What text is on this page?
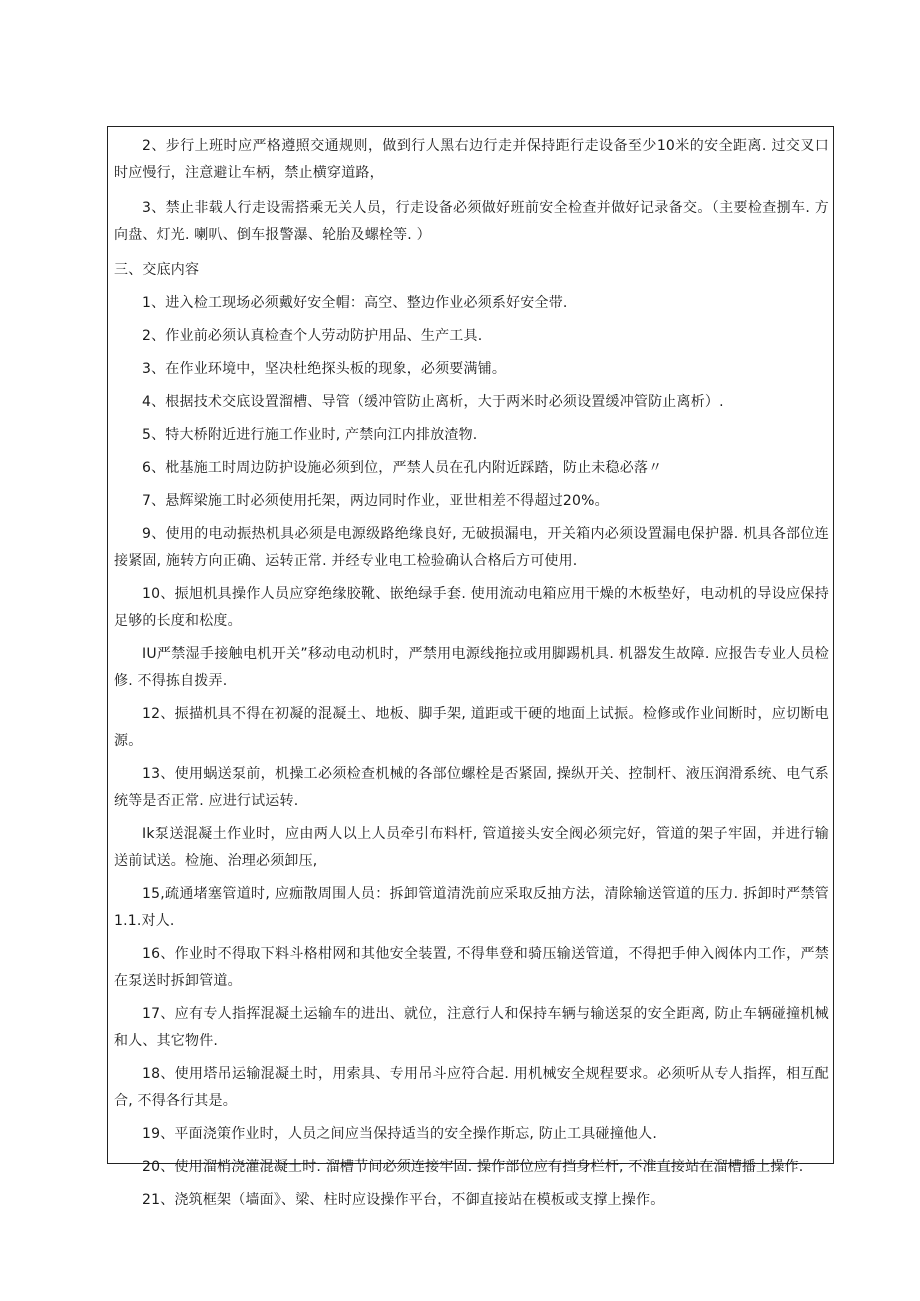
2、步行上班时应严格遵照交通规则，做到行人黑右边行走并保持距行走设备至少10米的安全距离. 过交叉口时应慢行，注意避让车柄，禁止横穿道路，

3、禁止非载人行走设需搭乘无关人员，行走设备必须做好班前安全检查并做好记录备交。（主要检查捌车. 方向盘、灯光. 喇叭、倒车报警瀑、轮胎及螺栓等. ）

三、交底内容

1、进入检工现场必须戴好安全帽：高空、整边作业必须系好安全带.

2、作业前必须认真检查个人劳动防护用品、生产工具.

3、在作业环境中，坚决杜绝探头板的现象，必须要满铺。

4、根据技术交底设置溜槽、导管（缓冲管防止离析，大于两米时必须设置缓冲管防止离析）.

5、特大桥附近进行施工作业时, 产禁向江内排放渣物.

6、枇基施工时周边防护设施必须到位，严禁人员在孔内附近踩踏，防止未稳必落〃

7、悬辉梁施工时必须使用托架，两边同时作业，亚世相差不得超过20%。

9、使用的电动振热机具必须是电源级路绝缘良好, 无破损漏电，开关箱内必须设置漏电保护器. 机具各部位连接紧固, 施转方向正确、运转正常. 并经专业电工检验确认合格后方可使用.

10、振旭机具操作人员应穿绝缘胶靴、嵌绝绿手套. 使用流动电箱应用干燥的木板垫好，电动机的导设应保持足够的长度和松度。

IU严禁湿手接触电机开关”移动电动机时，严禁用电源线拖拉或用脚踢机具. 机器发生故障. 应报告专业人员检修. 不得拣自拨弄.

12、振描机具不得在初凝的混凝土、地板、脚手架, 道距或干硬的地面上试振。检修或作业间断时，应切断电源。

13、使用蜗送泵前，机操工必须检查机械的各部位螺栓是否紧固, 操纵开关、控制杆、液压润滑系统、电气系统等是否正常. 应进行试运转.

Ik泵送混凝土作业时，应由两人以上人员牵引布料杆, 管道接头安全阀必须完好，管道的架子牢固，并进行输送前试送。检施、治理必须卸压,

15,疏通堵塞管道时, 应痂散周围人员：拆卸管道清洗前应采取反抽方法，清除输送管道的压力. 拆卸时严禁管1.1.对人.

16、作业时不得取下料斗格柑网和其他安全装置, 不得隼登和骑压输送管道，不得把手伸入阀体内工作，严禁在泵送时拆卸管道。

17、应有专人指挥混凝土运输车的进出、就位，注意行人和保持车辆与输送泵的安全距离, 防止车辆碰撞机械和人、其它物件.

18、使用塔吊运输混凝土时，用索具、专用吊斗应符合起. 用机械安全规程要求。必须听从专人指挥，相互配合, 不得各行其是。

19、平面浇策作业时，人员之间应当保持适当的安全操作斯忘, 防止工具碰撞他人.

20、使用溜梢浇灌混凝土时. 溜槽节间必须连接牢固. 操作部位应有挡身栏杆, 不准直接站在溜槽播上操作.

21、浇筑框架（墙面》、梁、柱时应设操作平台，不御直接站在模板或支撑上操作。
